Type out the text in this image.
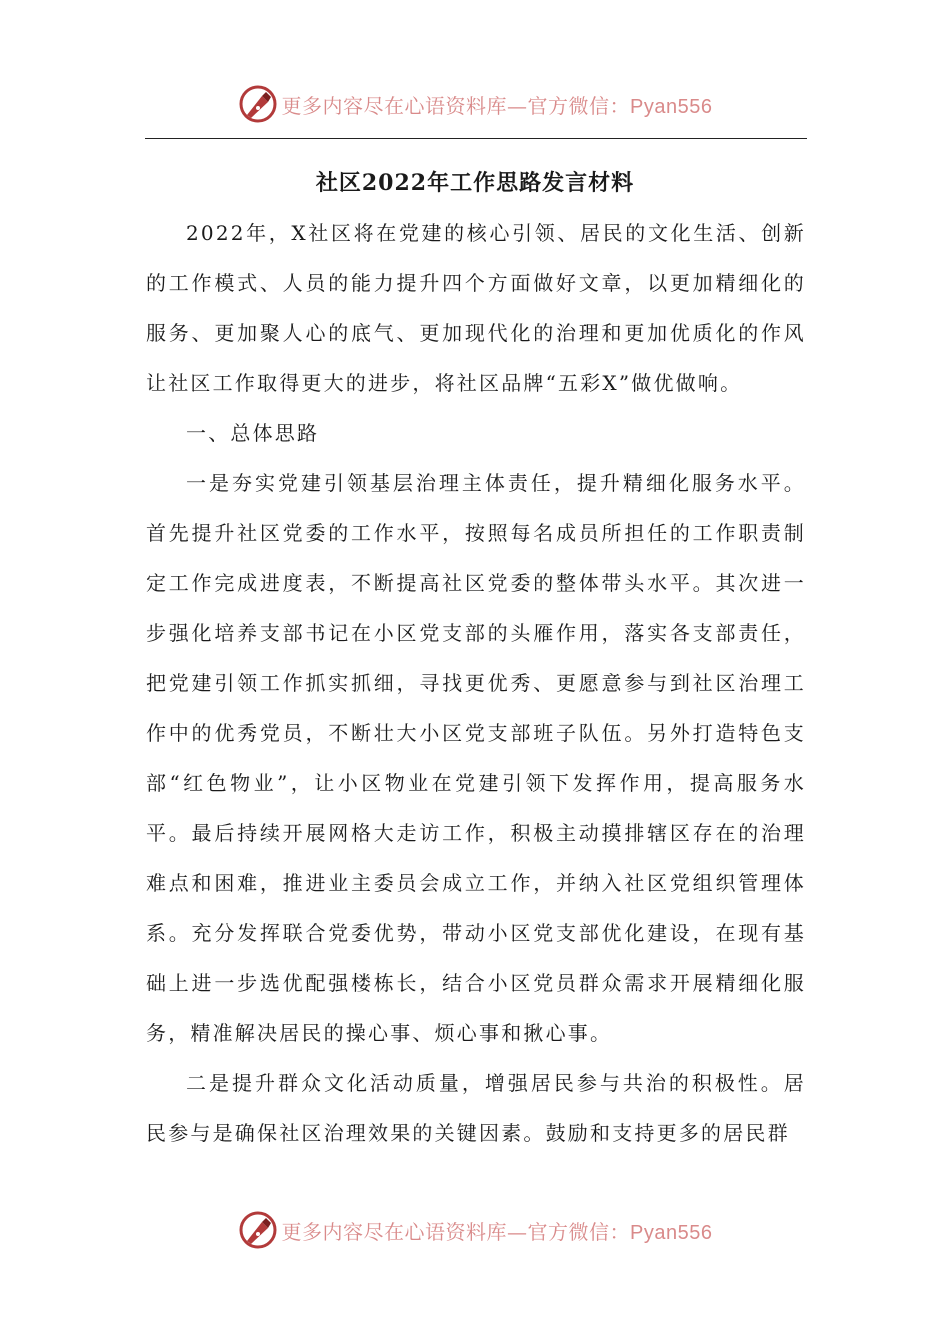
更多内容尽在心语资料库—官方微信：Pyan556
社区2022年工作思路发言材料

2022年，X社区将在党建的核心引领、居民的文化生活、创新的工作模式、人员的能力提升四个方面做好文章，以更加精细化的服务、更加聚人心的底气、更加现代化的治理和更加优质化的作风让社区工作取得更大的进步，将社区品牌“五彩X”做优做响。

一、总体思路

一是夯实党建引领基层治理主体责任，提升精细化服务水平。首先提升社区党委的工作水平，按照每名成员所担任的工作职责制定工作完成进度表，不断提高社区党委的整体带头水平。其次进一步强化培养支部书记在小区党支部的头雁作用，落实各支部责任，把党建引领工作抓实抓细，寻找更优秀、更愿意参与到社区治理工作中的优秀党员，不断壮大小区党支部班子队伍。另外打造特色支部“红色物业”，让小区物业在党建引领下发挥作用，提高服务水平。最后持续开展网格大走访工作，积极主动摸排辖区存在的治理难点和困难，推进业主委员会成立工作，并纳入社区党组织管理体系。充分发挥联合党委优势，带动小区党支部优化建设，在现有基础上进一步选优配强楼栋长，结合小区党员群众需求开展精细化服务，精准解决居民的操心事、烦心事和揪心事。

二是提升群众文化活动质量，增强居民参与共治的积极性。居民参与是确保社区治理效果的关键因素。鼓励和支持更多的居民群

更多内容尽在心语资料库—官方微信：Pyan556
